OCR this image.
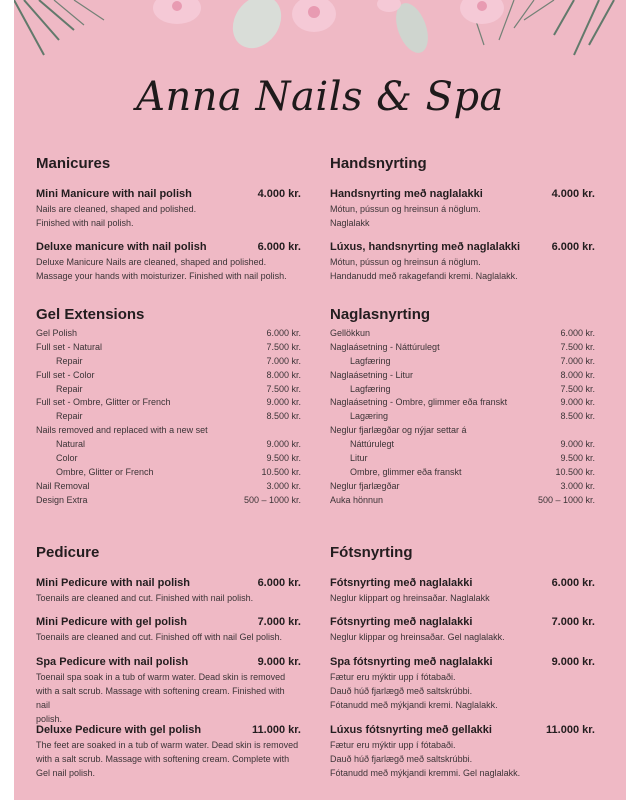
Anna Nails & Spa
Manicures
Mini Manicure with nail polish	4.000 kr.
Nails are cleaned, shaped and polished.
Finished with nail polish.
Deluxe manicure with nail polish	6.000 kr.
Deluxe Manicure Nails are cleaned, shaped and polished.
Massage your hands with moisturizer. Finished with nail polish.
Gel Extensions
Gel Polish	6.000 kr.
Full set - Natural	7.500 kr.
Repair	7.000 kr.
Full set - Color	8.000 kr.
Repair	7.500 kr.
Full set - Ombre, Glitter or French	9.000 kr.
Repair	8.500 kr.
Nails removed and replaced with a new set
Natural	9.000 kr.
Color	9.500 kr.
Ombre, Glitter or French	10.500 kr.
Nail Removal	3.000 kr.
Design Extra	500 – 1000 kr.
Pedicure
Mini Pedicure with nail polish	6.000 kr.
Toenails are cleaned and cut. Finished with nail polish.
Mini Pedicure with gel polish	7.000 kr.
Toenails are cleaned and cut. Finished off with nail Gel polish.
Spa Pedicure with nail polish	9.000 kr.
Toenail spa soak in a tub of warm water. Dead skin is removed
with a salt scrub. Massage with softening cream. Finished with nail
polish.
Deluxe Pedicure with gel polish	11.000 kr.
The feet are soaked in a tub of warm water. Dead skin is removed
with a salt scrub. Massage with softening cream. Complete with
Gel nail polish.
Handsnyrting
Handsnyrting með naglalakki	4.000 kr.
Mótun, pússun og hreinsun á nöglum.
Naglalakk
Lúxus, handsnyrting með naglalakki	6.000 kr.
Mótun, pússun og hreinsun á nöglum.
Handanudd með rakagefandi kremi. Naglalakk.
Naglasnyrting
Gellökkun	6.000 kr.
Naglaásetning - Náttúrulegt	7.500 kr.
Lagfæring	7.000 kr.
Naglaásetning - Litur	8.000 kr.
Lagfæring	7.500 kr.
Naglaásetning - Ombre, glimmer eða franskt	9.000 kr.
Lagæring	8.500 kr.
Neglur fjarlægðar og nýjar settar á
Náttúrulegt	9.000 kr.
Litur	9.500 kr.
Ombre, glimmer eða franskt	10.500 kr.
Neglur fjarlægðar	3.000 kr.
Auka hönnun	500 – 1000 kr.
Fótsnyrting
Fótsnyrting með naglalakki	6.000 kr.
Neglur klippart og hreinsaðar. Naglalakk
Fótsnyrting með naglalakki	7.000 kr.
Neglur klippar og hreinsaðar. Gel naglalakk.
Spa fótsnyrting með naglalakki	9.000 kr.
Fætur eru mýktir upp í fótabaði.
Dauð húð fjarlægð með saltskrúbbi.
Fótanudd með mýkjandi kremi. Naglalakk.
Lúxus fótsnyrting með gellakki	11.000 kr.
Fætur eru mýktir upp í fótabaði.
Dauð húð fjarlægð með saltskrúbbi.
Fótanudd með mýkjandi kremmi. Gel naglalakk.
